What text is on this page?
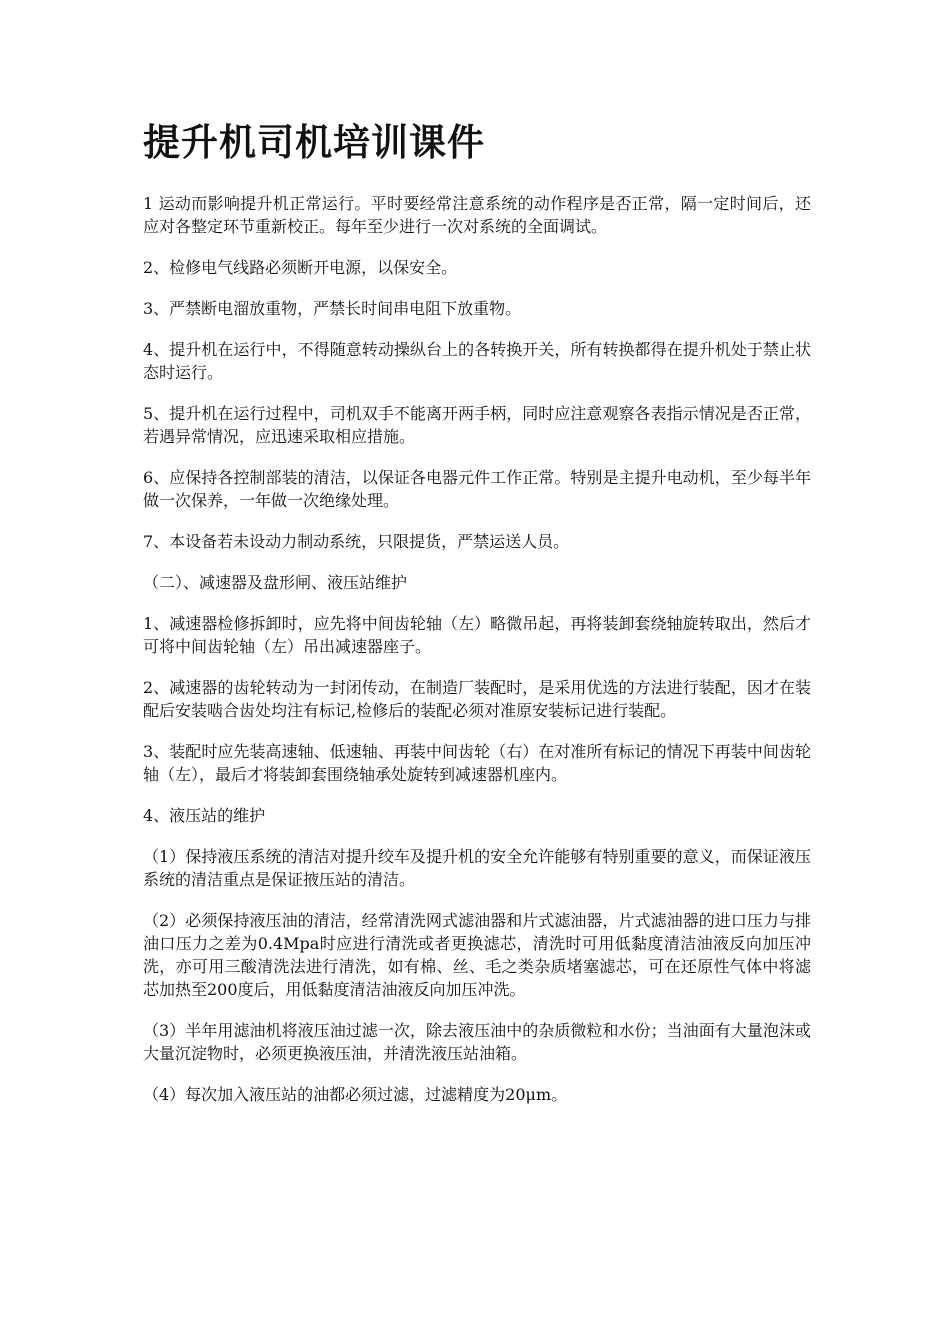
提升机司机培训课件

1 运动而影响提升机正常运行。平时要经常注意系统的动作程序是否正常，隔一定时间后，还应对各整定环节重新校正。每年至少进行一次对系统的全面调试。

2、检修电气线路必须断开电源，以保安全。

3、严禁断电溜放重物，严禁长时间串电阻下放重物。

4、提升机在运行中，不得随意转动操纵台上的各转换开关，所有转换都得在提升机处于禁止状态时运行。

5、提升机在运行过程中，司机双手不能离开两手柄，同时应注意观察各表指示情况是否正常，若遇异常情况，应迅速采取相应措施。

6、应保持各控制部装的清洁，以保证各电器元件工作正常。特别是主提升电动机，至少每半年做一次保养，一年做一次绝缘处理。

7、本设备若未设动力制动系统，只限提货，严禁运送人员。

（二）、减速器及盘形闸、液压站维护

1、减速器检修拆卸时，应先将中间齿轮轴（左）略微吊起，再将装卸套绕轴旋转取出，然后才可将中间齿轮轴（左）吊出减速器座子。

2、减速器的齿轮转动为一封闭传动，在制造厂装配时，是采用优选的方法进行装配，因才在装配后安装啮合齿处均注有标记,检修后的装配必须对准原安装标记进行装配。

3、装配时应先装高速轴、低速轴、再装中间齿轮（右）在对准所有标记的情况下再装中间齿轮轴（左），最后才将装卸套围绕轴承处旋转到减速器机座内。

4、液压站的维护

（1）保持液压系统的清洁对提升绞车及提升机的安全允许能够有特别重要的意义，而保证液压系统的清洁重点是保证掖压站的清洁。

（2）必须保持液压油的清洁，经常清洗网式滤油器和片式滤油器，片式滤油器的进口压力与排油口压力之差为0.4Mpa时应进行清洗或者更换滤芯，清洗时可用低黏度清洁油液反向加压冲洗，亦可用三酸清洗法进行清洗，如有棉、丝、毛之类杂质堵塞滤芯，可在还原性气体中将滤芯加热至200度后，用低黏度清洁油液反向加压冲洗。

（3）半年用滤油机将液压油过滤一次，除去液压油中的杂质微粒和水份；当油面有大量泡沫或大量沉淀物时，必须更换液压油，并清洗液压站油箱。

（4）每次加入液压站的油都必须过滤，过滤精度为20μm。
